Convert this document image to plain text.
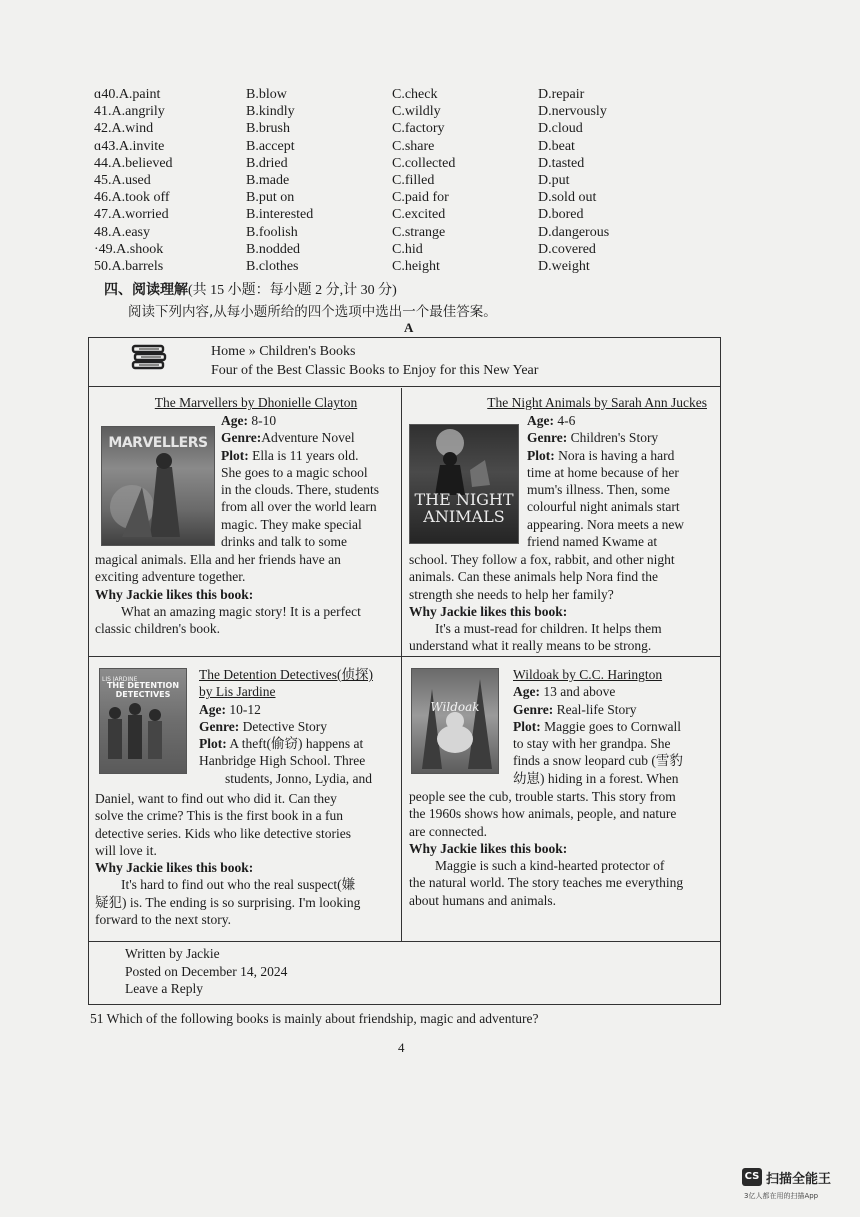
ɑ40.A.paint	B.blow	C.check	D.repair
41.A.angrily	B.kindly	C.wildly	D.nervously
42.A.wind	B.brush	C.factory	D.cloud
ɑ4З.A.invite	B.accept	C.share	D.beat
44.A.believed	B.dried	C.collected	D.tasted
45.A.used	B.made	C.filled	D.put
46.A.took off	B.put on	C.paid for	D.sold out
47.A.worried	B.interested	C.excited	D.bored
48.A.easy	B.foolish	C.strange	D.dangerous
·49.A.shook	B.nodded	C.hid	D.covered
50.A.barrels	B.clothes	C.height	D.weight
四、阅读理解(共 15 小题：每小题 2 分,计 30 分)
阅读下列内容,从每小题所给的四个选项中选出一个最佳答案。
A
Home » Children's Books
Four of the Best Classic Books to Enjoy for this New Year
The Marvellers by Dhonielle Clayton
MARVELLERS
Age: 8-10
Genre:Adventure Novel
Plot: Ella is 11 years old.
She goes to a magic school
in the clouds. There, students
from all over the world learn
magic. They make special
drinks and talk to some
magical animals. Ella and her friends have an
exciting adventure together.
Why Jackie likes this book:
What an amazing magic story! It is a perfect
classic children's book.
The Night Animals by Sarah Ann Juckes
THE NIGHT ANIMALS
Age: 4-6
Genre: Children's Story
Plot: Nora is having a hard
time at home because of her
mum's illness. Then, some
colourful night animals start
appearing. Nora meets a new
friend named Kwame at
school. They follow a fox, rabbit, and other night
animals. Can these animals help Nora find the
strength she needs to help her family?
Why Jackie likes this book:
It's a must-read for children. It helps them
understand what it really means to be strong.
LIS JARDINE
THE DETENTION DETECTIVES
The Detention Detectives(侦探)
by Lis Jardine
Age: 10-12
Genre: Detective Story
Plot: A theft(偷窃) happens at
Hanbridge High School. Three
students, Jonno, Lydia, and
Daniel, want to find out who did it. Can they
solve the crime? This is the first book in a fun
detective series. Kids who like detective stories
will love it.
Why Jackie likes this book:
It's hard to find out who the real suspect(嫌
疑犯) is. The ending is so surprising. I'm looking
forward to the next story.
Wildoak
Wildoak by C.C. Harington
Age: 13 and above
Genre: Real-life Story
Plot: Maggie goes to Cornwall
to stay with her grandpa. She
finds a snow leopard cub (雪豹
幼崽) hiding in a forest. When
people see the cub, trouble starts. This story from
the 1960s shows how animals, people, and nature
are connected.
Why Jackie likes this book:
Maggie is such a kind-hearted protector of
the natural world. The story teaches me everything
about humans and animals.
Written by Jackie
Posted on December 14, 2024
Leave a Reply
51 Which of the following books is mainly about friendship, magic and adventure?
4
CS 扫描全能王
3亿人都在用的扫描App
